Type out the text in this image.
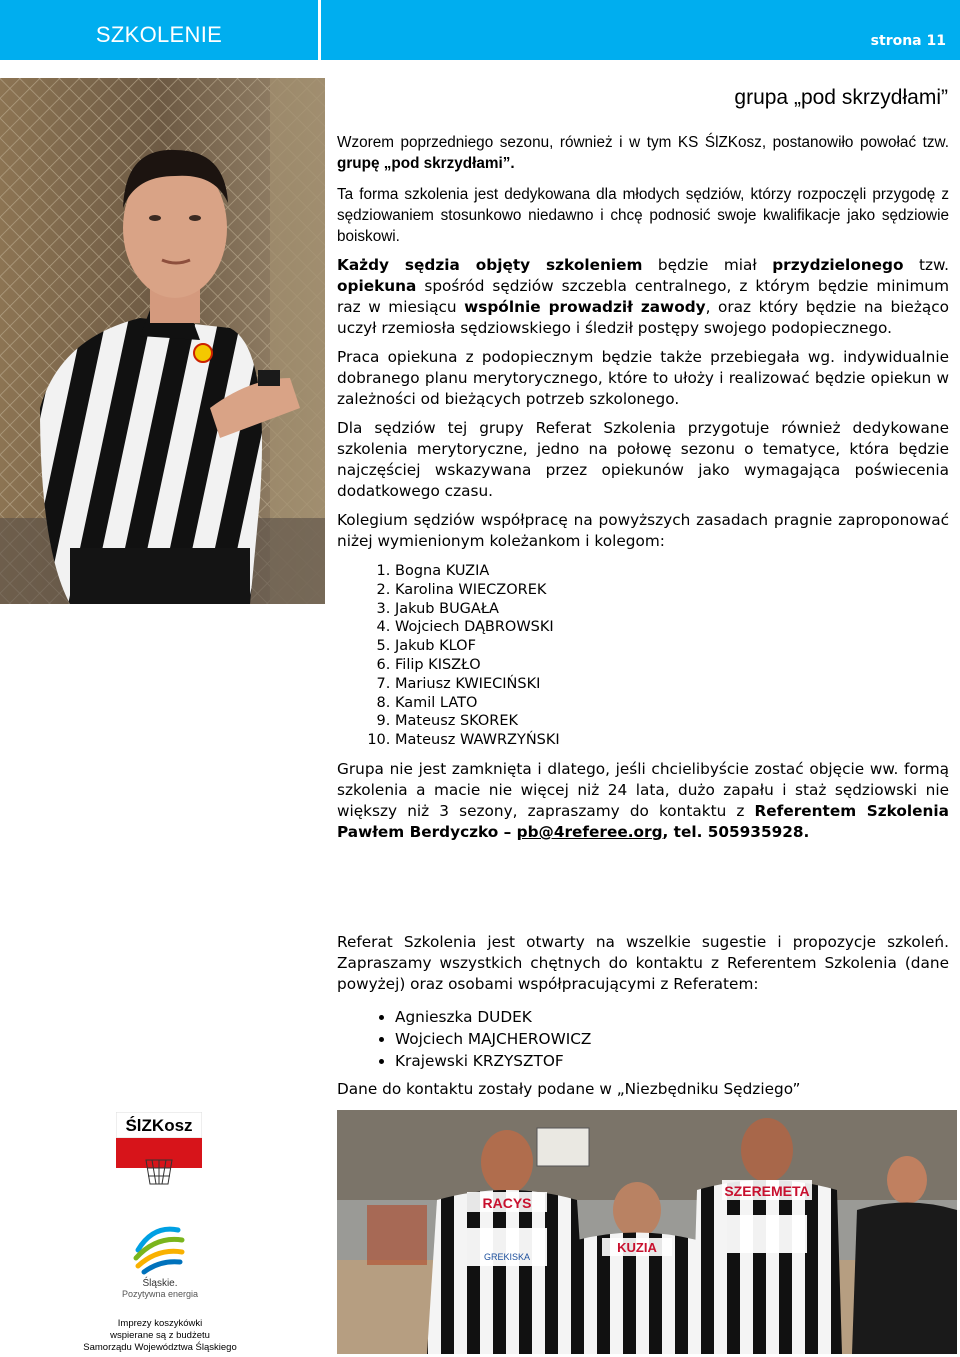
SZKOLENIE	strona 11
grupa „pod skrzydłami”

Wzorem poprzedniego sezonu, również i w tym KS ŚlZKosz, postanowiło powołać tzw. grupę „pod skrzydłami”.

Ta forma szkolenia jest dedykowana dla młodych sędziów, którzy rozpoczęli przygodę z sędziowaniem stosunkowo niedawno i chcę podnosić swoje kwalifikacje jako sędziowie boiskowi.

Każdy sędzia objęty szkoleniem będzie miał przydzielonego tzw. opiekuna spośród sędziów szczebla centralnego, z którym będzie minimum raz w miesiącu wspólnie prowadził zawody, oraz który będzie na bieżąco uczył rzemiosła sędziowskiego i śledził postępy swojego podopiecznego.

Praca opiekuna z podopiecznym będzie także przebiegała wg. indywidualnie dobranego planu merytorycznego, które to ułoży i realizować będzie opiekun w zależności od bieżących potrzeb szkolonego.

Dla sędziów tej grupy Referat Szkolenia przygotuje również dedykowane szkolenia merytoryczne, jedno na połowę sezonu o tematyce, która będzie najczęściej wskazywana przez opiekunów jako wymagająca poświecenia dodatkowego czasu.

Kolegium sędziów współpracę na powyższych zasadach pragnie zaproponować niżej wymienionym koleżankom i kolegom:

1. Bogna KUZIA
2. Karolina WIECZOREK
3. Jakub BUGAŁA
4. Wojciech DĄBROWSKI
5. Jakub KLOF
6. Filip KISZŁO
7. Mariusz KWIECIŃSKI
8. Kamil LATO
9. Mateusz SKOREK
10. Mateusz WAWRZYŃSKI

Grupa nie jest zamknięta i dlatego, jeśli chcielibyście zostać objęcie ww. formą szkolenia a macie nie więcej niż 24 lata, dużo zapału i staż sędziowski nie większy niż 3 sezony, zapraszamy do kontaktu z Referentem Szkolenia Pawłem Berdyczko – pb@4referee.org, tel. 505935928.

Referat Szkolenia jest otwarty na wszelkie sugestie i propozycje szkoleń. Zapraszamy wszystkich chętnych do kontaktu z Referentem Szkolenia (dane powyżej) oraz osobami współpracującymi z Referatem:

• Agnieszka DUDEK
• Wojciech MAJCHEROWICZ
• Krajewski KRZYSZTOF

Dane do kontaktu zostały podane w „Niezbędniku Sędziego”

ŚlZKosz
Śląskie.
Pozytywna energia
Imprezy koszykówki
wspierane są z budżetu
Samorządu Województwa Śląskiego
RACYS
GREKISKA
KUZIA
SZEREMETA
